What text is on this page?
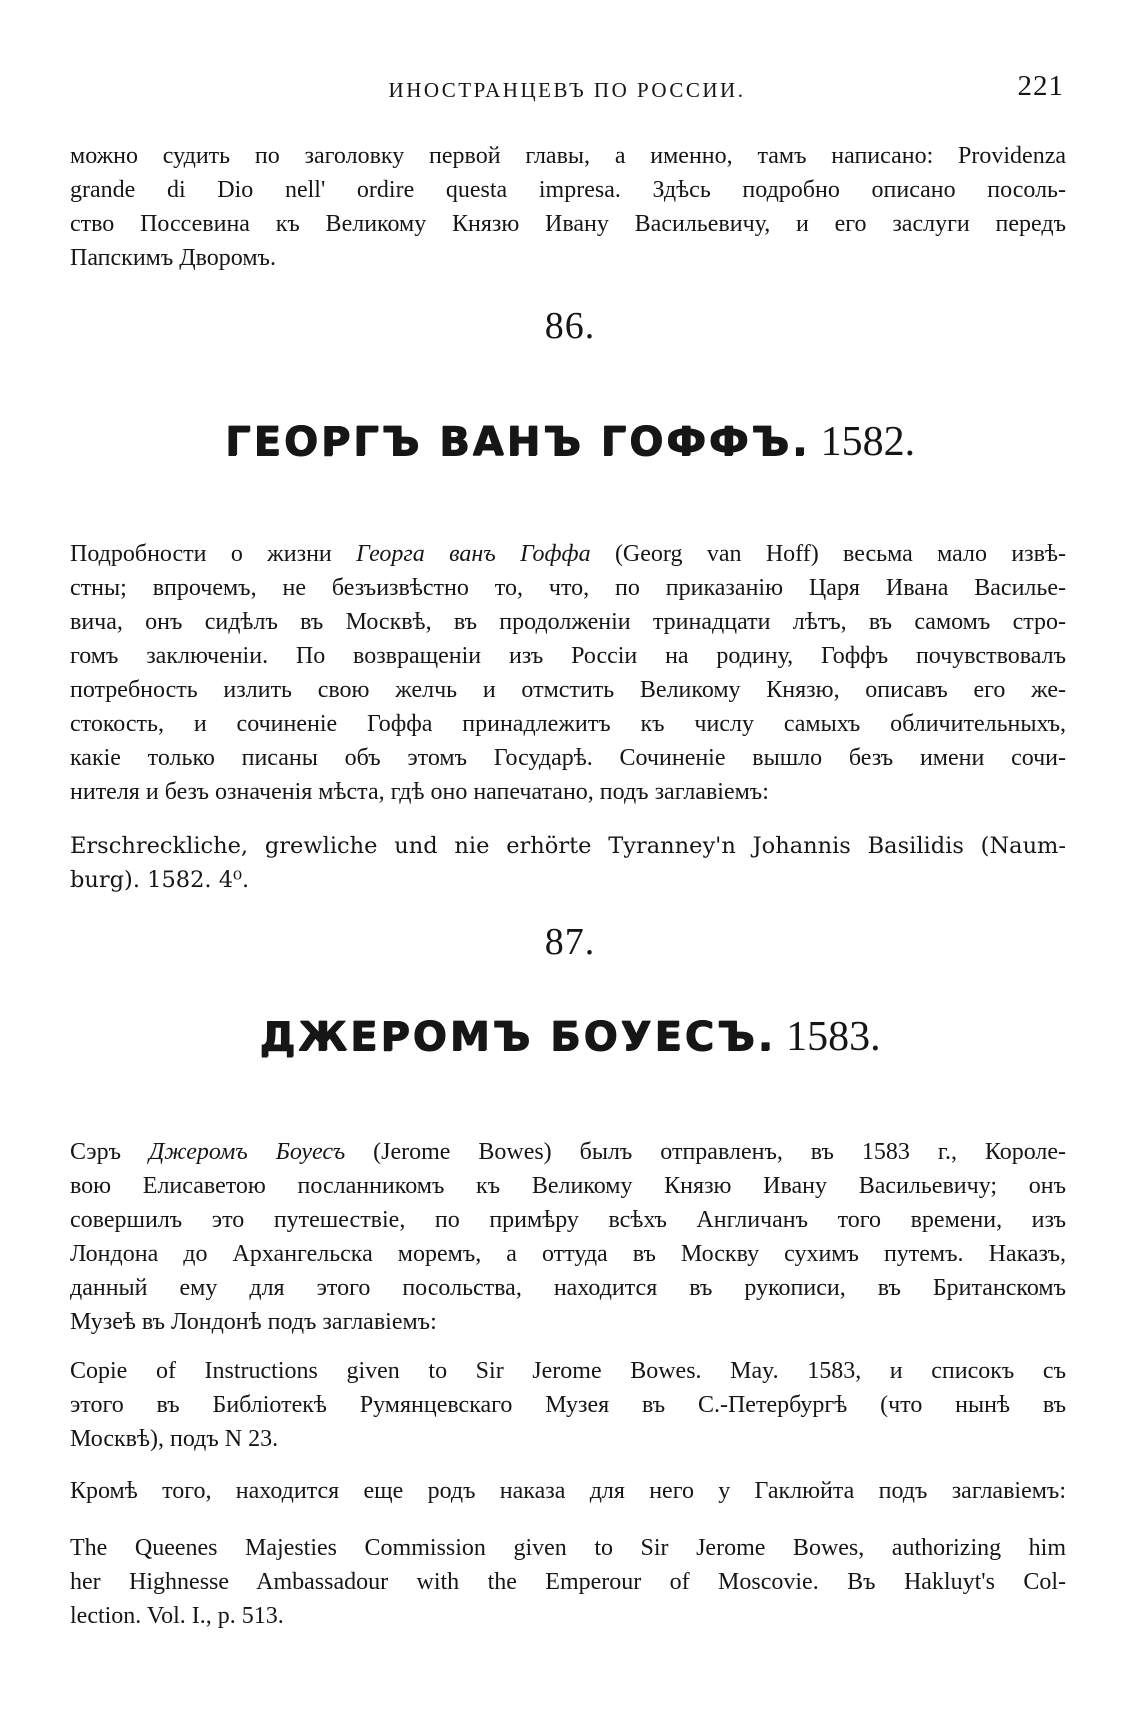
ИНОСТРАНЦЕВЪ ПО РОССИИ.	221
можно судить по заголовку первой главы, а именно, тамъ написано: Providenza
grande di Dio nell' ordire questa impresa. Здѣсь подробно описано посоль-
ство Поссевина къ Великому Князю Ивану Васильевичу, и его заслуги передъ
Папскимъ Дворомъ.
86.
ГЕОРГЪ ВАНЪ ГОФФЪ. 1582.
Подробности о жизни Георга ванъ Гоффа (Georg van Hoff) весьма мало извѣ-
стны; впрочемъ, не безъизвѣстно то, что, по приказанію Царя Ивана Василье-
вича, онъ сидѣлъ въ Москвѣ, въ продолженіи тринадцати лѣтъ, въ самомъ стро-
гомъ заключеніи. По возвращеніи изъ Россіи на родину, Гоффъ почувствовалъ
потребность излить свою желчь и отмстить Великому Князю, описавъ его же-
стокость, и сочиненіе Гоффа принадлежитъ къ числу самыхъ обличительныхъ,
какіе только писаны объ этомъ Государѣ. Сочиненіе вышло безъ имени сочи-
нителя и безъ означенія мѣста, гдѣ оно напечатано, подъ заглавіемъ:
Erschreckliche, grewliche und nie erhörte Tyranney'n Johannis Basilidis (Naum-
burg). 1582. 4⁰.
87.
ДЖЕРОМЪ БОУЕСЪ. 1583.
Сэръ Джеромъ Боуесъ (Jerome Bowes) былъ отправленъ, въ 1583 г., Короле-
вою Елисаветою посланникомъ къ Великому Князю Ивану Васильевичу; онъ
совершилъ это путешествіе, по примѣру всѣхъ Англичанъ того времени, изъ
Лондона до Архангельска моремъ, а оттуда въ Москву сухимъ путемъ. Наказъ,
данный ему для этого посольства, находится въ рукописи, въ Британскомъ
Музеѣ въ Лондонѣ подъ заглавіемъ:
Copie of Instructions given to Sir Jerome Bowes. May. 1583, и списокъ съ
этого въ Библіотекѣ Румянцевскаго Музея въ С.-Петербургѣ (что нынѣ въ
Москвѣ), подъ N 23.
Кромѣ того, находится еще родъ наказа для него у Гаклюйта подъ заглавіемъ:
The Queenes Majesties Commission given to Sir Jerome Bowes, authorizing him
her Highnesse Ambassadour with the Emperour of Moscovie. Въ Hakluyt's Col-
lection. Vol. I., p. 513.
